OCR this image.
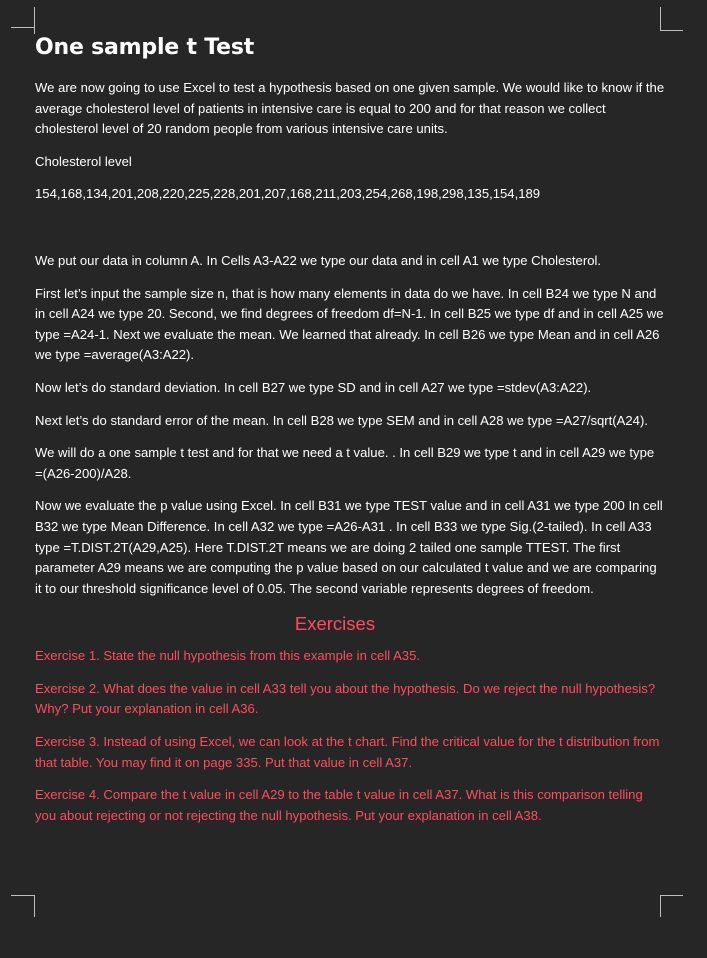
One sample t Test

We are now going to use Excel to test a hypothesis based on one given sample. We would like to know if the average cholesterol level of patients in intensive care is equal to 200 and for that reason we collect cholesterol level of 20 random people from various intensive care units.

Cholesterol level

154,168,134,201,208,220,225,228,201,207,168,211,203,254,268,198,298,135,154,189

We put our data in column A. In Cells A3-A22 we type our data and in cell A1 we type Cholesterol.

First let’s input the sample size n, that is how many elements in data do we have. In cell B24 we type N and in cell A24 we type 20. Second, we find degrees of freedom df=N-1. In cell B25 we type df and in cell A25 we type =A24-1. Next we evaluate the mean. We learned that already. In cell B26 we type Mean and in cell A26 we type =average(A3:A22).

Now let’s do standard deviation. In cell B27 we type SD and in cell A27 we type =stdev(A3:A22).

Next let’s do standard error of the mean. In cell B28 we type SEM and in cell A28 we type =A27/sqrt(A24).

We will do a one sample t test and for that we need a t value. . In cell B29 we type t and in cell A29 we type =(A26-200)/A28.

Now we evaluate the p value using Excel. In cell B31 we type TEST value and in cell A31 we type 200 In cell B32 we type Mean Difference. In cell A32 we type =A26-A31 . In cell B33 we type Sig.(2-tailed). In cell A33 type =T.DIST.2T(A29,A25). Here T.DIST.2T means we are doing 2 tailed one sample TTEST. The first parameter A29 means we are computing the p value based on our calculated t value and we are comparing it to our threshold significance level of 0.05. The second variable represents degrees of freedom.

Exercises

Exercise 1. State the null hypothesis from this example in cell A35.

Exercise 2. What does the value in cell A33 tell you about the hypothesis. Do we reject the null hypothesis? Why? Put your explanation in cell A36.

Exercise 3. Instead of using Excel, we can look at the t chart. Find the critical value for the t distribution from that table. You may find it on page 335. Put that value in cell A37.

Exercise 4. Compare the t value in cell A29 to the table t value in cell A37. What is this comparison telling you about rejecting or not rejecting the null hypothesis. Put your explanation in cell A38.
